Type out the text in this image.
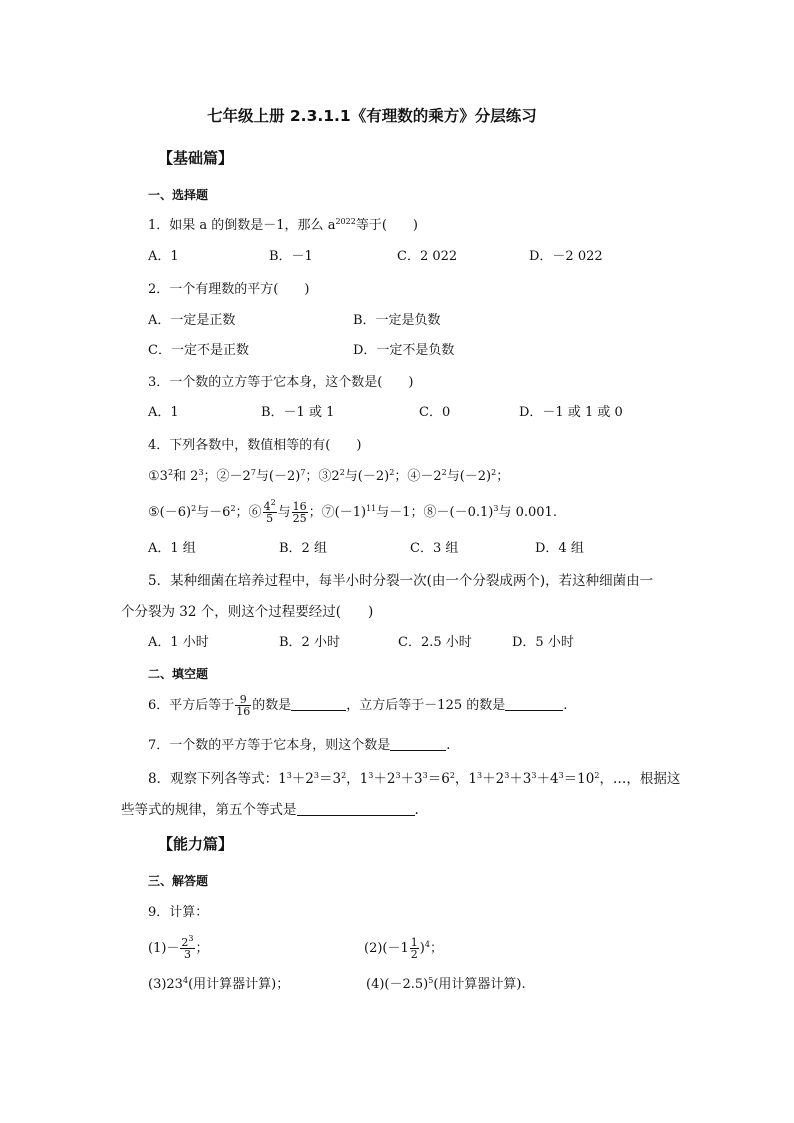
七年级上册 2.3.1.1《有理数的乘方》分层练习
【基础篇】
一、选择题
1．如果 a 的倒数是－1，那么 $a^{2022}$等于(　　)
A．1	B．－1	C．2 022	D．－2 022
2．一个有理数的平方(　　)
A．一定是正数	B．一定是负数
C．一定不是正数	D．一定不是负数
3．一个数的立方等于它本身，这个数是(　　)
A．1	B．－1 或 1	C．0	D．－1 或 1 或 0
4．下列各数中，数值相等的有(　　)
$①3^2$和 $2^3$；$②-2^7$与$(-2)^7$；$③2^2$与$(-2)^2$；$④-2^2$与$(-2)^2$；
$⑤(-6)^2$与$-6^2$；⑥ $\frac{4^2}{5}$ 与 $\frac{16}{25}$ ；$⑦(-1)^{11}$与－1；$⑧-(-0.1)^3$与 0.001.
A．1 组	B．2 组	C．3 组	D．4 组
5．某种细菌在培养过程中，每半小时分裂一次(由一个分裂成两个)，若这种细菌由一
个分裂为 32 个，则这个过程要经过(　　)
A．1 小时	B．2 小时	C．2.5 小时	D．5 小时
二、填空题
6．平方后等于 $\frac{9}{16}$ 的数是	，立方后等于－125 的数是	.
7．一个数的平方等于它本身，则这个数是	.
8．观察下列各等式：$1^3+2^3=3^2$，$1^3+2^3+3^3=6^2$，$1^3+2^3+3^3+4^3=10^2$，…，根据这
些等式的规律，第五个等式是	.
【能力篇】
三、解答题
9．计算：
$(1)- \frac{2^3}{3}$ ；	$(2)(-1 \frac{1}{2} )^4$；
$(3)23^4$(用计算器计算)；	$(4)(-2.5)^5$(用计算器计算).
